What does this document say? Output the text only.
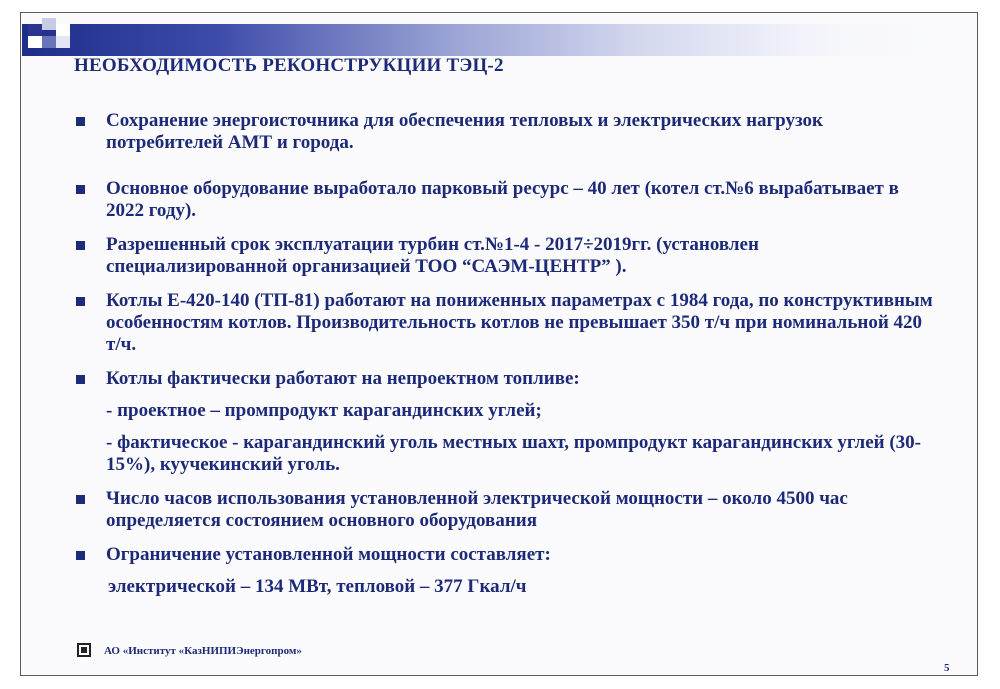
НЕОБХОДИМОСТЬ РЕКОНСТРУКЦИИ ТЭЦ-2
Сохранение энергоисточника для обеспечения тепловых и электрических нагрузок потребителей АМТ и города.
Основное оборудование выработало парковый ресурс – 40 лет (котел ст.№6 вырабатывает в 2022 году).
Разрешенный срок эксплуатации турбин ст.№1-4 - 2017÷2019гг. (установлен специализированной организацией ТОО “САЭМ-ЦЕНТР” ).
Котлы Е-420-140 (ТП-81) работают на пониженных параметрах с 1984 года, по конструктивным особенностям котлов. Производительность котлов не превышает 350 т/ч при номинальной 420 т/ч.
Котлы фактически работают на непроектном топливе:
- проектное – промпродукт карагандинских углей;
- фактическое - карагандинский уголь местных шахт, промпродукт карагандинских углей (30-15%), куучекинский уголь.
Число часов использования установленной электрической мощности – около 4500 час определяется состоянием основного оборудования
Ограничение установленной мощности составляет:
электрической – 134 МВт, тепловой – 377 Гкал/ч
АО «Институт «КазНИПИЭнергопром»
5
